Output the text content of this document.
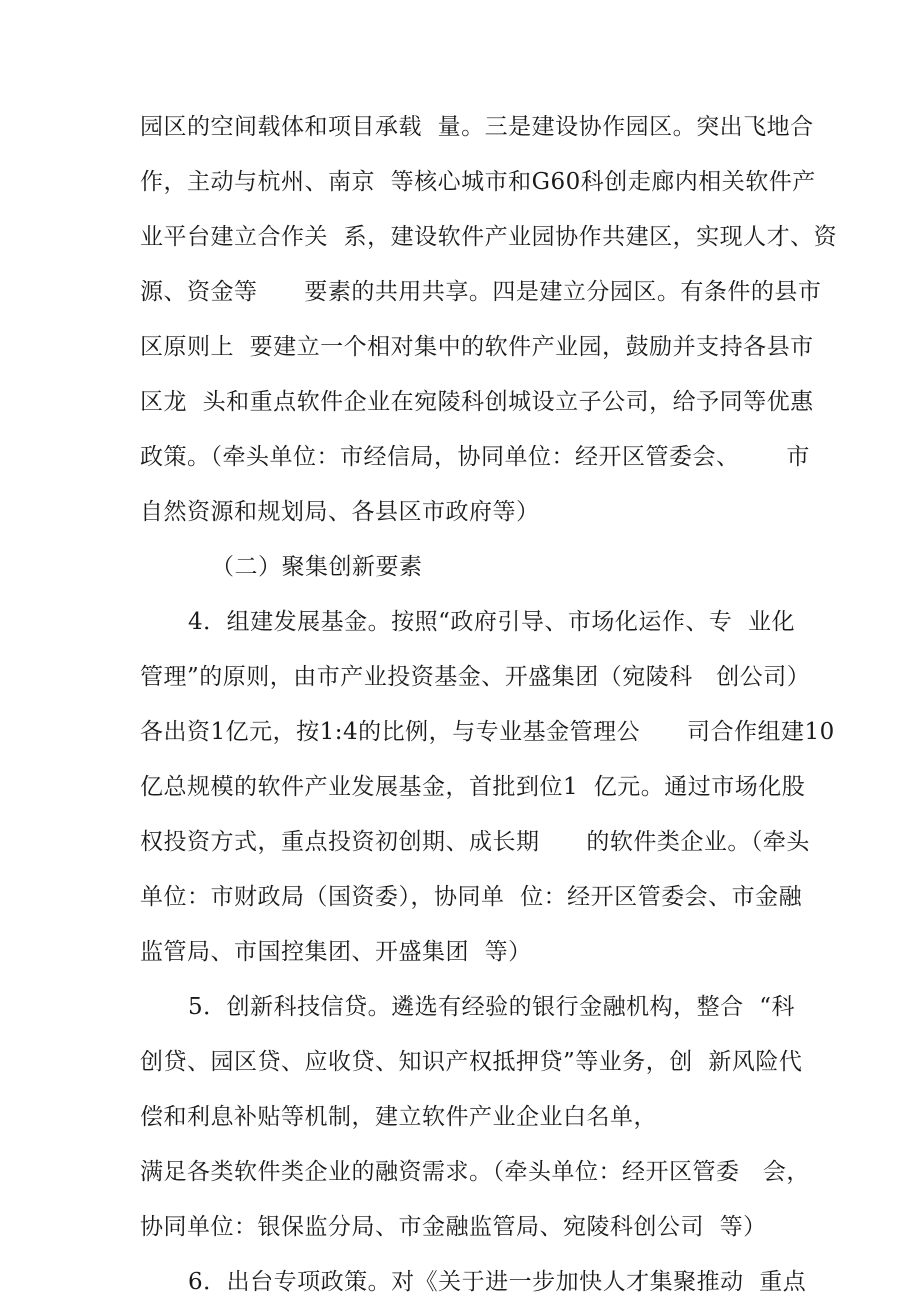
园区的空间载体和项目承载  量。三是建设协作园区。突出飞地合
作，主动与杭州、南京  等核心城市和G60科创走廊内相关软件产
业平台建立合作关  系，建设软件产业园协作共建区，实现人才、资
源、资金等      要素的共用共享。四是建立分园区。有条件的县市
区原则上  要建立一个相对集中的软件产业园，鼓励并支持各县市
区龙  头和重点软件企业在宛陵科创城设立子公司，给予同等优惠
政策。（牵头单位：市经信局，协同单位：经开区管委会、      市
自然资源和规划局、各县区市政府等）
（二）聚集创新要素
4．组建发展基金。按照“政府引导、市场化运作、专  业化
管理”的原则，由市产业投资基金、开盛集团（宛陵科   创公司）
各出资1亿元，按1:4的比例，与专业基金管理公      司合作组建10
亿总规模的软件产业发展基金，首批到位1  亿元。通过市场化股
权投资方式，重点投资初创期、成长期      的软件类企业。（牵头
单位：市财政局（国资委），协同单  位：经开区管委会、市金融
监管局、市国控集团、开盛集团  等）
5．创新科技信贷。遴选有经验的银行金融机构，整合  “科
创贷、园区贷、应收贷、知识产权抵押贷”等业务，创  新风险代
偿和利息补贴等机制，建立软件产业企业白名单，
满足各类软件类企业的融资需求。（牵头单位：经开区管委   会，
协同单位：银保监分局、市金融监管局、宛陵科创公司  等）
6．出台专项政策。对《关于进一步加快人才集聚推动  重点
